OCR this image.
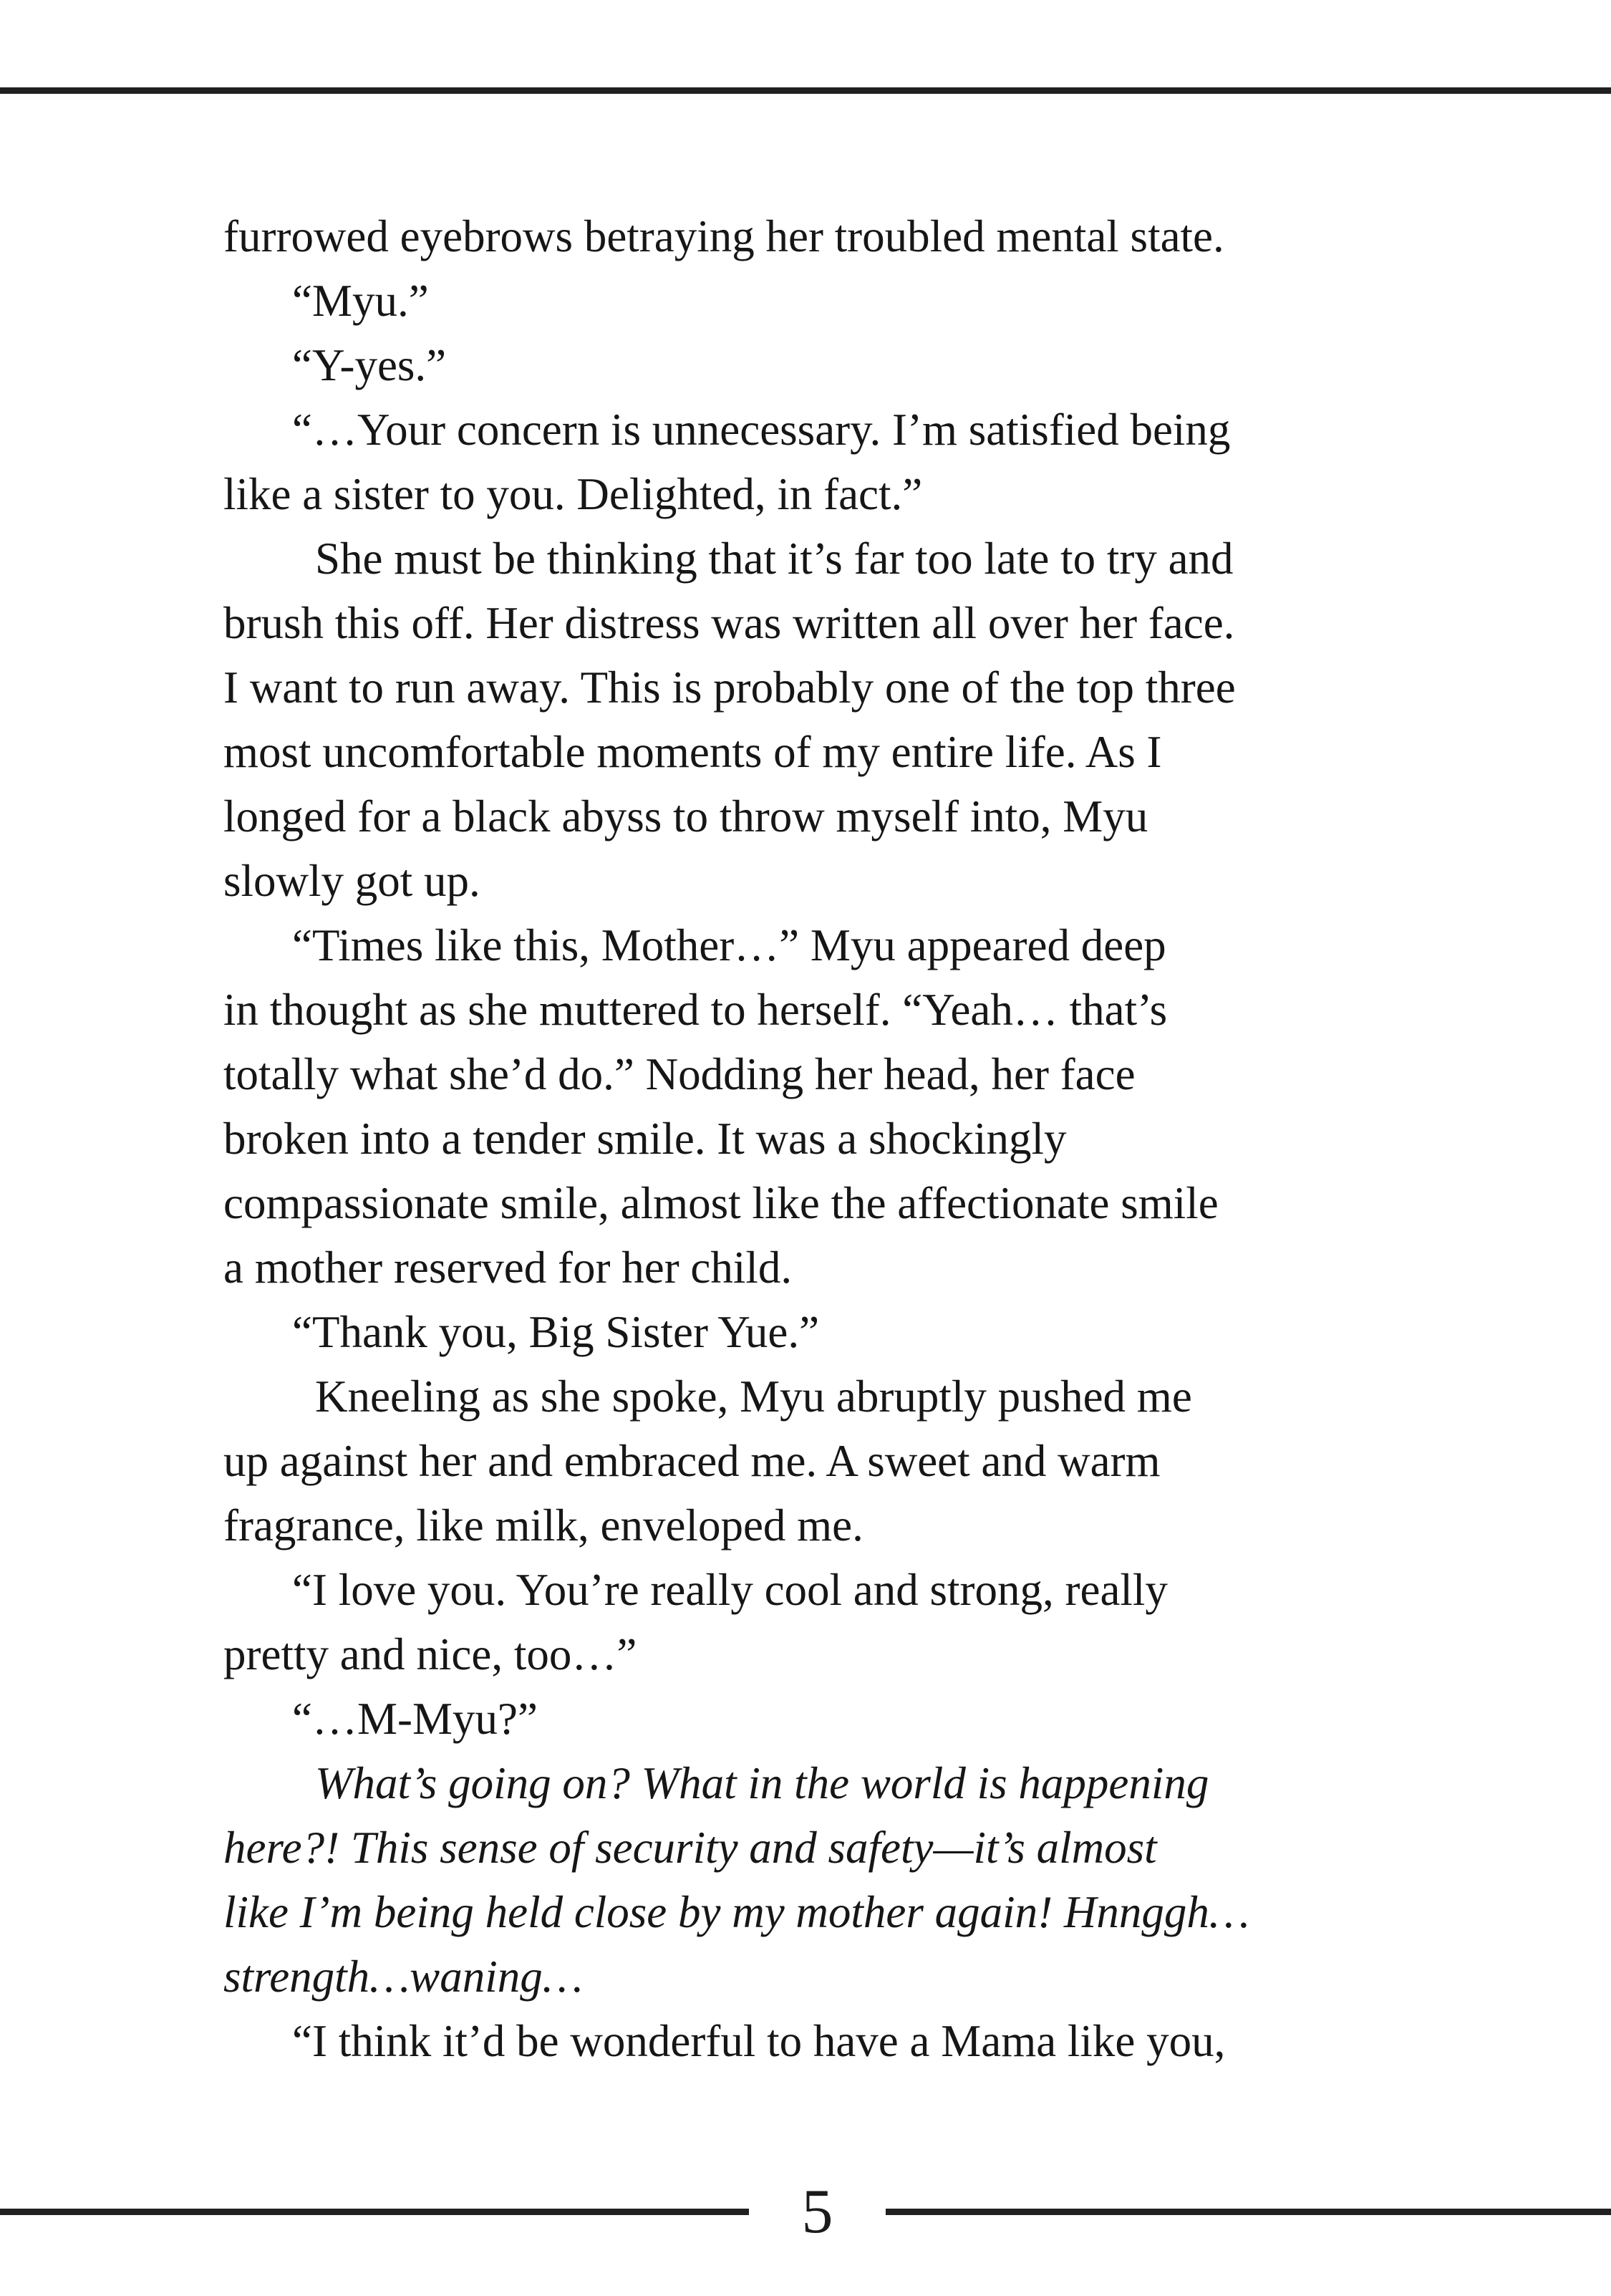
furrowed eyebrows betraying her troubled mental state.
“Myu.”
“Y-yes.”
“…Your concern is unnecessary. I’m satisfied being
like a sister to you. Delighted, in fact.”
She must be thinking that it’s far too late to try and
brush this off. Her distress was written all over her face.
I want to run away. This is probably one of the top three
most uncomfortable moments of my entire life. As I
longed for a black abyss to throw myself into, Myu
slowly got up.
“Times like this, Mother…” Myu appeared deep
in thought as she muttered to herself. “Yeah… that’s
totally what she’d do.” Nodding her head, her face
broken into a tender smile. It was a shockingly
compassionate smile, almost like the affectionate smile
a mother reserved for her child.
“Thank you, Big Sister Yue.”
Kneeling as she spoke, Myu abruptly pushed me
up against her and embraced me. A sweet and warm
fragrance, like milk, enveloped me.
“I love you. You’re really cool and strong, really
pretty and nice, too…”
“…M-Myu?”
What’s going on? What in the world is happening
here?! This sense of security and safety—it’s almost
like I’m being held close by my mother again! Hnnggh…
strength…waning…
“I think it’d be wonderful to have a Mama like you,
5
